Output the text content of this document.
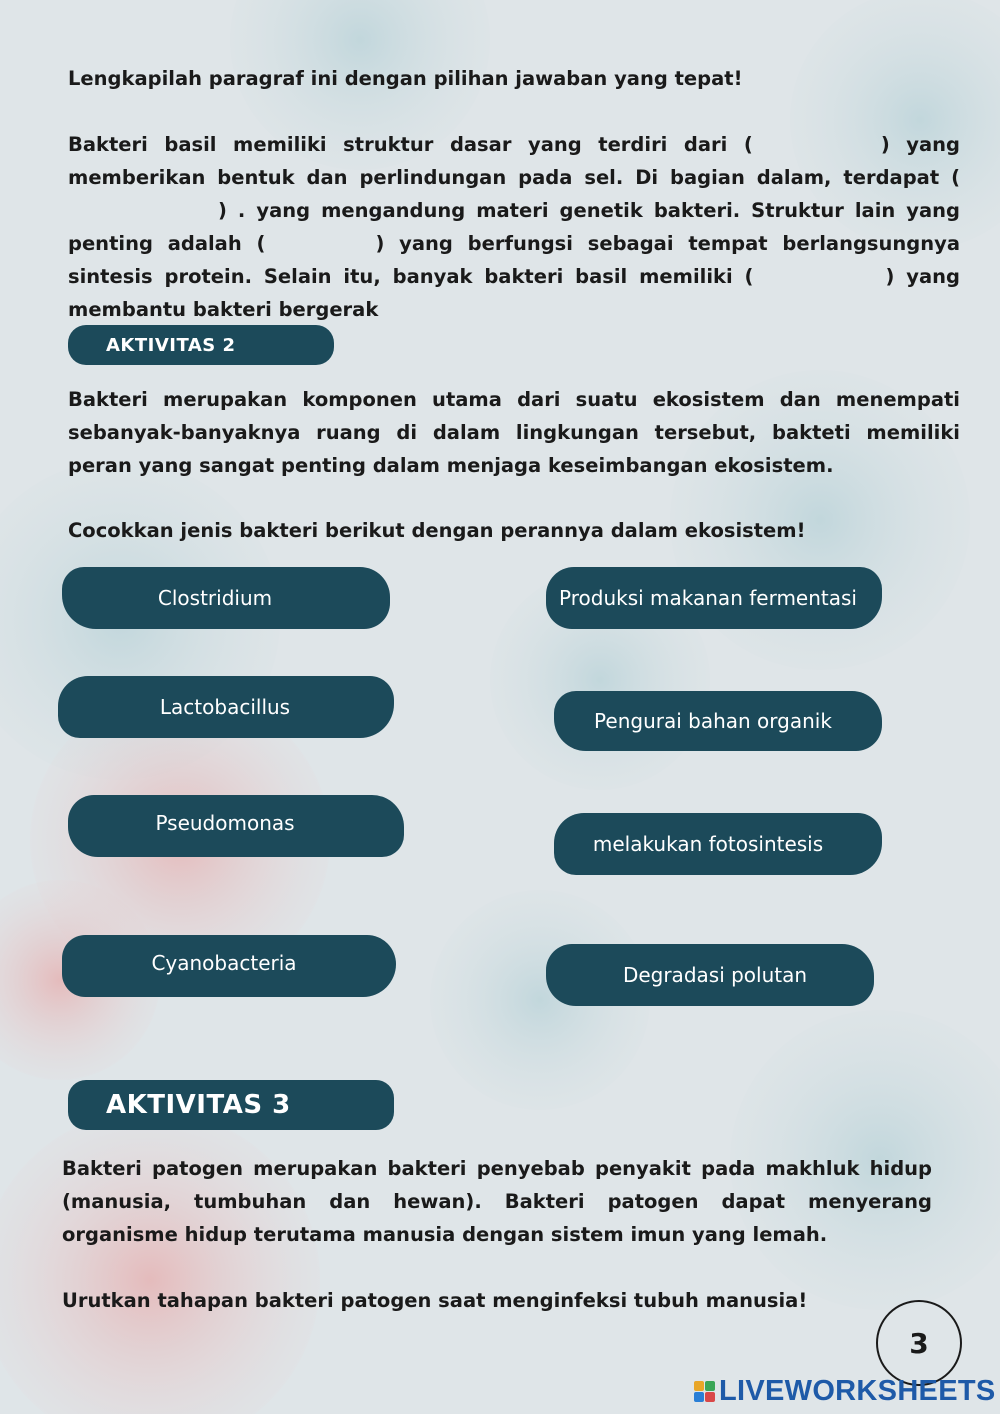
Lengkapilah paragraf ini dengan pilihan jawaban yang tepat!

Bakteri basil memiliki struktur dasar yang terdiri dari (	) yang memberikan bentuk dan perlindungan pada sel. Di bagian dalam, terdapat () . yang mengandung materi genetik bakteri. Struktur lain yang penting adalah (	) yang berfungsi sebagai tempat berlangsungnya sintesis protein. Selain itu, banyak bakteri basil memiliki (	) yang membantu bakteri bergerak

AKTIVITAS 2

Bakteri merupakan komponen utama dari suatu ekosistem dan menempati sebanyak-banyaknya ruang di dalam lingkungan tersebut, bakteti memiliki peran yang sangat penting dalam menjaga keseimbangan ekosistem.

Cocokkan jenis bakteri berikut dengan perannya dalam ekosistem!

Clostridium
Lactobacillus
Pseudomonas
Cyanobacteria
Produksi makanan fermentasi
Pengurai bahan organik
melakukan fotosintesis
Degradasi polutan
AKTIVITAS 3

Bakteri patogen merupakan bakteri penyebab penyakit pada makhluk hidup (manusia, tumbuhan dan hewan). Bakteri patogen dapat menyerang organisme hidup terutama manusia dengan sistem imun yang lemah.

Urutkan tahapan bakteri patogen saat menginfeksi tubuh manusia!

3
LIVEWORKSHEETS
